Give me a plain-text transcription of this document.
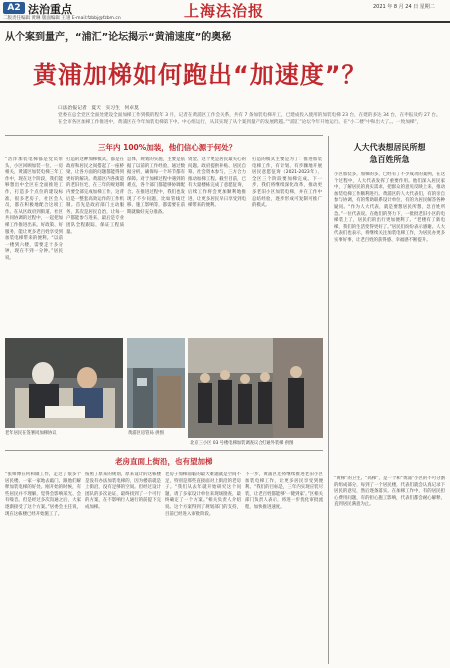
A2 法治重点
二版责任编辑 黄琳 版面编辑 王翎 E-mail:fzbbj@fzbm.cn	上海法治报	2021 年 8 月 24 日 星期二
从个案到量产，“浦汇”论坛揭示“黄浦速度”的奥秘
黄浦加梯如何跑出“加速度”？
口法治报记者 夏天 实习生 何卓莫
党委在总全党区全面处建设全面加梯工作到模的程年 3 月，记者在黄浦区工作会关系，共有 7 条加装电梯开工，已建成投入使用的加装电梯 23 台，在建的多达 34 台，在申报及约 27 台。在全市各区加梯工作推进中，黄浦区在今年加装电梯第下中。中心组运行，从其实现了从个案到量产的发展跨越。”“浦汇”论坛今年开始运行。在“小二楼”中和出大了。。一致加梯”，
三年内 100%加装，他们信心源于何处？
“浩洋加装电梯都是党员带头，小区回顾加装一位，一房相关，黄浦区加装电梯三年工作中，现在这个阶段，我们能够想出中全区在全面推进工作，打造多个点位的建设标准，很多老房子，社区会人员，都在积极地配合这项工作。在从区政府到街道、社区共同协调的过程中，一起把加梯工作推进出来。好政策、好服务，能让更多老百姓享受到加装电梯带来的便利。“以前一楼到六楼，需要走十多分钟，现在不到一分钟。”居民说。
打造的这种加梯模式，都是在政府和居民之间搭起了一座桥梁，让各方面的问题都能得到更好的解决。黄浦区内各街道的老旧住宅，在三年的规划期内要全部完成加梯工作，这背后是一整套高效运作的工作机制。首先是政府部门主动服务，其次是居民自治，让每一户都能参与进来，最后是专业团队全程跟踪，保证工程质量。
总体，规划的实施，主要是依据了以前的工作经验，通过数据分析，确保每一个环节都有保障。对于加梯过程中遇到的难点，各个部门都能够协调配合。在推进过程中，我们也发现了不少问题，比如管线迁移、施工影响等，都需要在前期就做好充分准备。
资金、这个更是居民最关心的问题。政府提供补贴、居民自筹、社会资本参与，三方合力推动加梯工程。截至目前，已有大量楼栋完成了意愿征询，后续工作将会更加顺利地推进，让更多居民早日享受到电梯带来的便利。
打造的模式主要是为了：推进加装电梯工作，有计划、有步骤地开展居民意愿征询（2021-2023年），全区三个阶段要加梯完成。下一步，我们将继续深化改革，推动更多老旧小区加装电梯，并在工作中总结经验，逐步形成可复制可推广的模式。
老年居民在签署同加梯协议	黄浦区房管局 供图
北京三小区 03 号楼电梯加装调查议合 打通外装梯 供图
老房直面上街沿，也有望加梯
“张师傅在何和做工作，走过了很多个居民楼，一家一家地去敲门，跟他们解释加装电梯的好处。刚开始的时候，有些居民并不理解，觉得会影响采光、会有噪音。但是经过多次沟通之后，大家逐渐接受了这个方案。”居委会主任说，现在这栋楼已经开始施工了。
按照了原来的规划，原来设计的这栋楼是没有办法加装电梯的，因为楼前就是上街沿，没有足够的空间。但经过设计团队的多次论证，最终找到了一个可行的方案，在不影响行人通行的前提下完成加梯。
老房子加梯面临的最大难题就是空间不足，特别是那些直接面对上街沿的老房子。“我们从去年就开始研究这个问题，请了多家设计单位来现场勘查，最终确定了一个方案。”相关负责人介绍说。这个方案得到了规划部门的支持，目前已经进入审批阶段。
下一步，黄浦区还将继续推进老旧小区加装电梯工作，让更多居民享受到便利。“我们的目标是，三年内实现应装尽装，让老百姓都能够‘一键到家’。”区相关部门负责人表示，将进一步优化审批流程，加快推进速度。
人大代表想居民所想
急百姓所急
小区加装多，加梯的多，已经有了不少成功的案例，在这个过程中，人大代表发挥了重要作用。他们深入居民家中，了解居民的真实需求，把群众的意见反映上来，推动加装电梯工作顺利进行。黄浦区的人大代表们，有的亲自参与协调，有的帮助联系设计单位，有的为居民解答各种疑问。“作为人大代表，就是要想居民所想，急百姓所急。”一位代表说。在他们的努力下，一批批老旧小区的电梯装上了，居民们的出行更加便利了。“老楼有了新电梯，我们的生活变得更好了。”居民们纷纷表示感谢。人大代表们也表示，将继续关注加装电梯工作，为居民办更多实事好事，让老百姓的获得感、幸福感不断提升。
“黄梯”的卫生、“高梯”，是一个和“黄浦”小区的不可分割的组成部分，每到了一个居民楼，代表们就会认真记录下居民的意见，然后逐条落实。在加梯工作中，有的居民担心费用问题，有的担心施工影响，代表们都会耐心解释，直到居民满意为止。
